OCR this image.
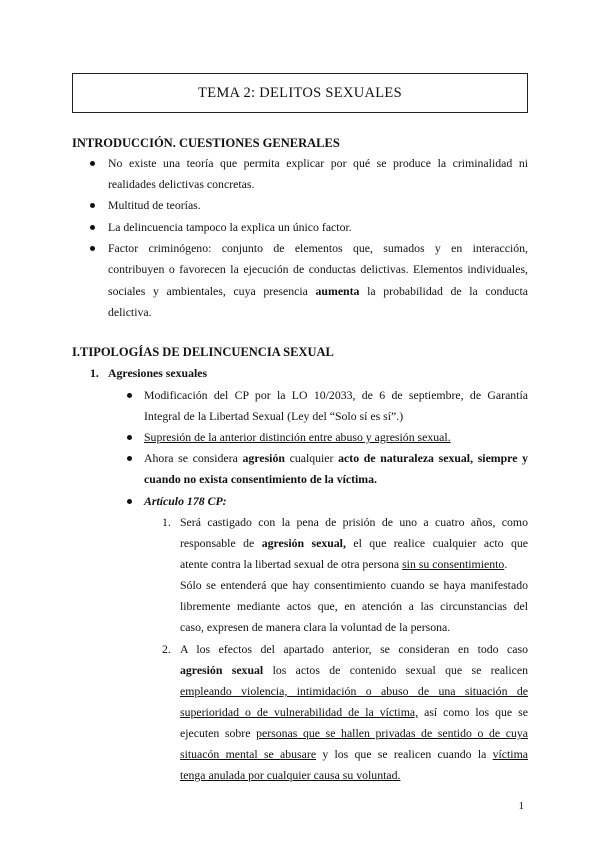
TEMA 2: DELITOS SEXUALES
INTRODUCCIÓN. CUESTIONES GENERALES
No existe una teoría que permita explicar por qué se produce la criminalidad ni
realidades delictivas concretas.
Multitud de teorías.
La delincuencia tampoco la explica un único factor.
Factor criminógeno: conjunto de elementos que, sumados y en interacción,
contribuyen o favorecen la ejecución de conductas delictivas. Elementos individuales,
sociales y ambientales, cuya presencia aumenta la probabilidad de la conducta
delictiva.
I.TIPOLOGÍAS DE DELINCUENCIA SEXUAL
1. Agresiones sexuales
Modificación del CP por la LO 10/2033, de 6 de septiembre, de Garantía
Integral de la Libertad Sexual (Ley del “Solo sí es sí”.)
Supresión de la anterior distinción entre abuso y agresión sexual.
Ahora se considera agresión cualquier acto de naturaleza sexual, siempre y
cuando no exista consentimiento de la víctima.
Artículo 178 CP:
1. Será castigado con la pena de prisión de uno a cuatro años, como
responsable de agresión sexual, el que realice cualquier acto que
atente contra la libertad sexual de otra persona sin su consentimiento.
Sólo se entenderá que hay consentimiento cuando se haya manifestado
libremente mediante actos que, en atención a las circunstancias del
caso, expresen de manera clara la voluntad de la persona.
2. A los efectos del apartado anterior, se consideran en todo caso
agresión sexual los actos de contenido sexual que se realicen
empleando violencia, intimidación o abuso de una situación de
superioridad o de vulnerabilidad de la víctima, así como los que se
ejecuten sobre personas que se hallen privadas de sentido o de cuya
situacón mental se abusare y los que se realicen cuando la víctima
tenga anulada por cualquier causa su voluntad.
1
